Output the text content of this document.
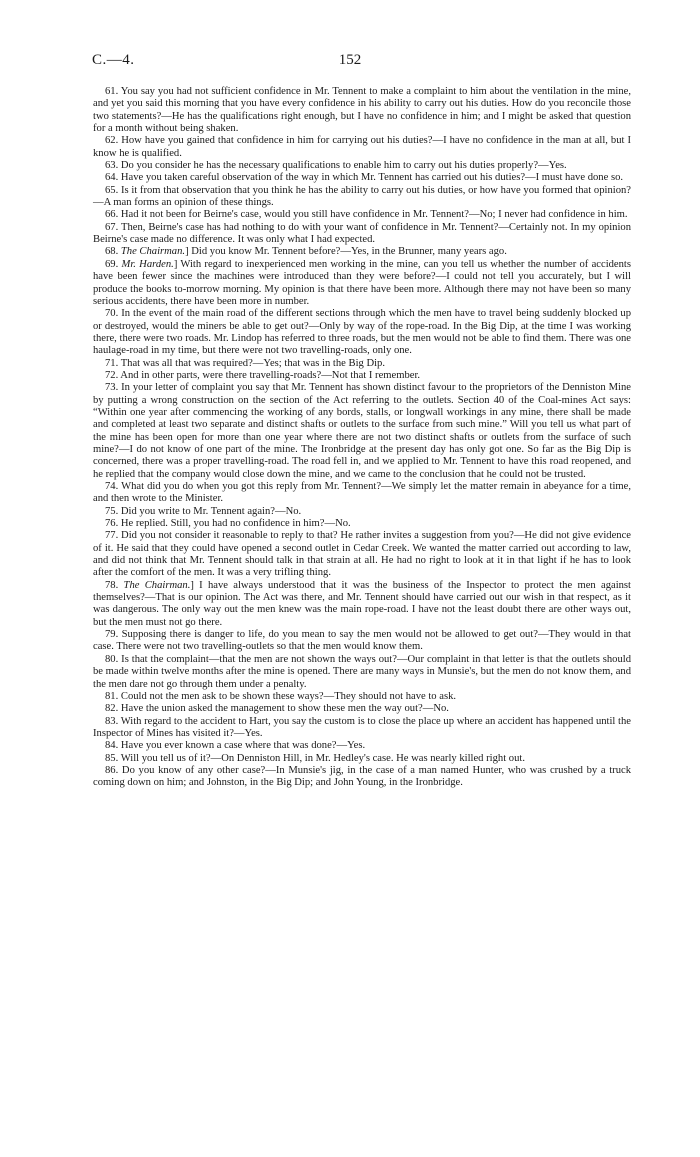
C.—4.	152

61. You say you had not sufficient confidence in Mr. Tennent to make a complaint to him about the ventilation in the mine, and yet you said this morning that you have every confidence in his ability to carry out his duties. How do you reconcile those two statements?—He has the qualifications right enough, but I have no confidence in him; and I might be asked that question for a month without being shaken.

62. How have you gained that confidence in him for carrying out his duties?—I have no confidence in the man at all, but I know he is qualified.

63. Do you consider he has the necessary qualifications to enable him to carry out his duties properly?—Yes.

64. Have you taken careful observation of the way in which Mr. Tennent has carried out his duties?—I must have done so.

65. Is it from that observation that you think he has the ability to carry out his duties, or how have you formed that opinion?—A man forms an opinion of these things.

66. Had it not been for Beirne's case, would you still have confidence in Mr. Tennent?—No; I never had confidence in him.

67. Then, Beirne's case has had nothing to do with your want of confidence in Mr. Tennent?—Certainly not. In my opinion Beirne's case made no difference. It was only what I had expected.

68. The Chairman.] Did you know Mr. Tennent before?—Yes, in the Brunner, many years ago.

69. Mr. Harden.] With regard to inexperienced men working in the mine, can you tell us whether the number of accidents have been fewer since the machines were introduced than they were before?—I could not tell you accurately, but I will produce the books to-morrow morning. My opinion is that there have been more. Although there may not have been so many serious accidents, there have been more in number.

70. In the event of the main road of the different sections through which the men have to travel being suddenly blocked up or destroyed, would the miners be able to get out?—Only by way of the rope-road. In the Big Dip, at the time I was working there, there were two roads. Mr. Lindop has referred to three roads, but the men would not be able to find them. There was one haulage-road in my time, but there were not two travelling-roads, only one.

71. That was all that was required?—Yes; that was in the Big Dip.

72. And in other parts, were there travelling-roads?—Not that I remember.

73. In your letter of complaint you say that Mr. Tennent has shown distinct favour to the proprietors of the Denniston Mine by putting a wrong construction on the section of the Act referring to the outlets. Section 40 of the Coal-mines Act says: “Within one year after commencing the working of any bords, stalls, or longwall workings in any mine, there shall be made and completed at least two separate and distinct shafts or outlets to the surface from such mine.” Will you tell us what part of the mine has been open for more than one year where there are not two distinct shafts or outlets from the surface of such mine?—I do not know of one part of the mine. The Ironbridge at the present day has only got one. So far as the Big Dip is concerned, there was a proper travelling-road. The road fell in, and we applied to Mr. Tennent to have this road reopened, and he replied that the company would close down the mine, and we came to the conclusion that he could not be trusted.

74. What did you do when you got this reply from Mr. Tennent?—We simply let the matter remain in abeyance for a time, and then wrote to the Minister.

75. Did you write to Mr. Tennent again?—No.

76. He replied. Still, you had no confidence in him?—No.

77. Did you not consider it reasonable to reply to that? He rather invites a suggestion from you?—He did not give evidence of it. He said that they could have opened a second outlet in Cedar Creek. We wanted the matter carried out according to law, and did not think that Mr. Tennent should talk in that strain at all. He had no right to look at it in that light if he has to look after the comfort of the men. It was a very trifling thing.

78. The Chairman.] I have always understood that it was the business of the Inspector to protect the men against themselves?—That is our opinion. The Act was there, and Mr. Tennent should have carried out our wish in that respect, as it was dangerous. The only way out the men knew was the main rope-road. I have not the least doubt there are other ways out, but the men must not go there.

79. Supposing there is danger to life, do you mean to say the men would not be allowed to get out?—They would in that case. There were not two travelling-outlets so that the men would know them.

80. Is that the complaint—that the men are not shown the ways out?—Our complaint in that letter is that the outlets should be made within twelve months after the mine is opened. There are many ways in Munsie's, but the men do not know them, and the men dare not go through them under a penalty.

81. Could not the men ask to be shown these ways?—They should not have to ask.

82. Have the union asked the management to show these men the way out?—No.

83. With regard to the accident to Hart, you say the custom is to close the place up where an accident has happened until the Inspector of Mines has visited it?—Yes.

84. Have you ever known a case where that was done?—Yes.

85. Will you tell us of it?—On Denniston Hill, in Mr. Hedley's case. He was nearly killed right out.

86. Do you know of any other case?—In Munsie's jig, in the case of a man named Hunter, who was crushed by a truck coming down on him; and Johnston, in the Big Dip; and John Young, in the Ironbridge.
